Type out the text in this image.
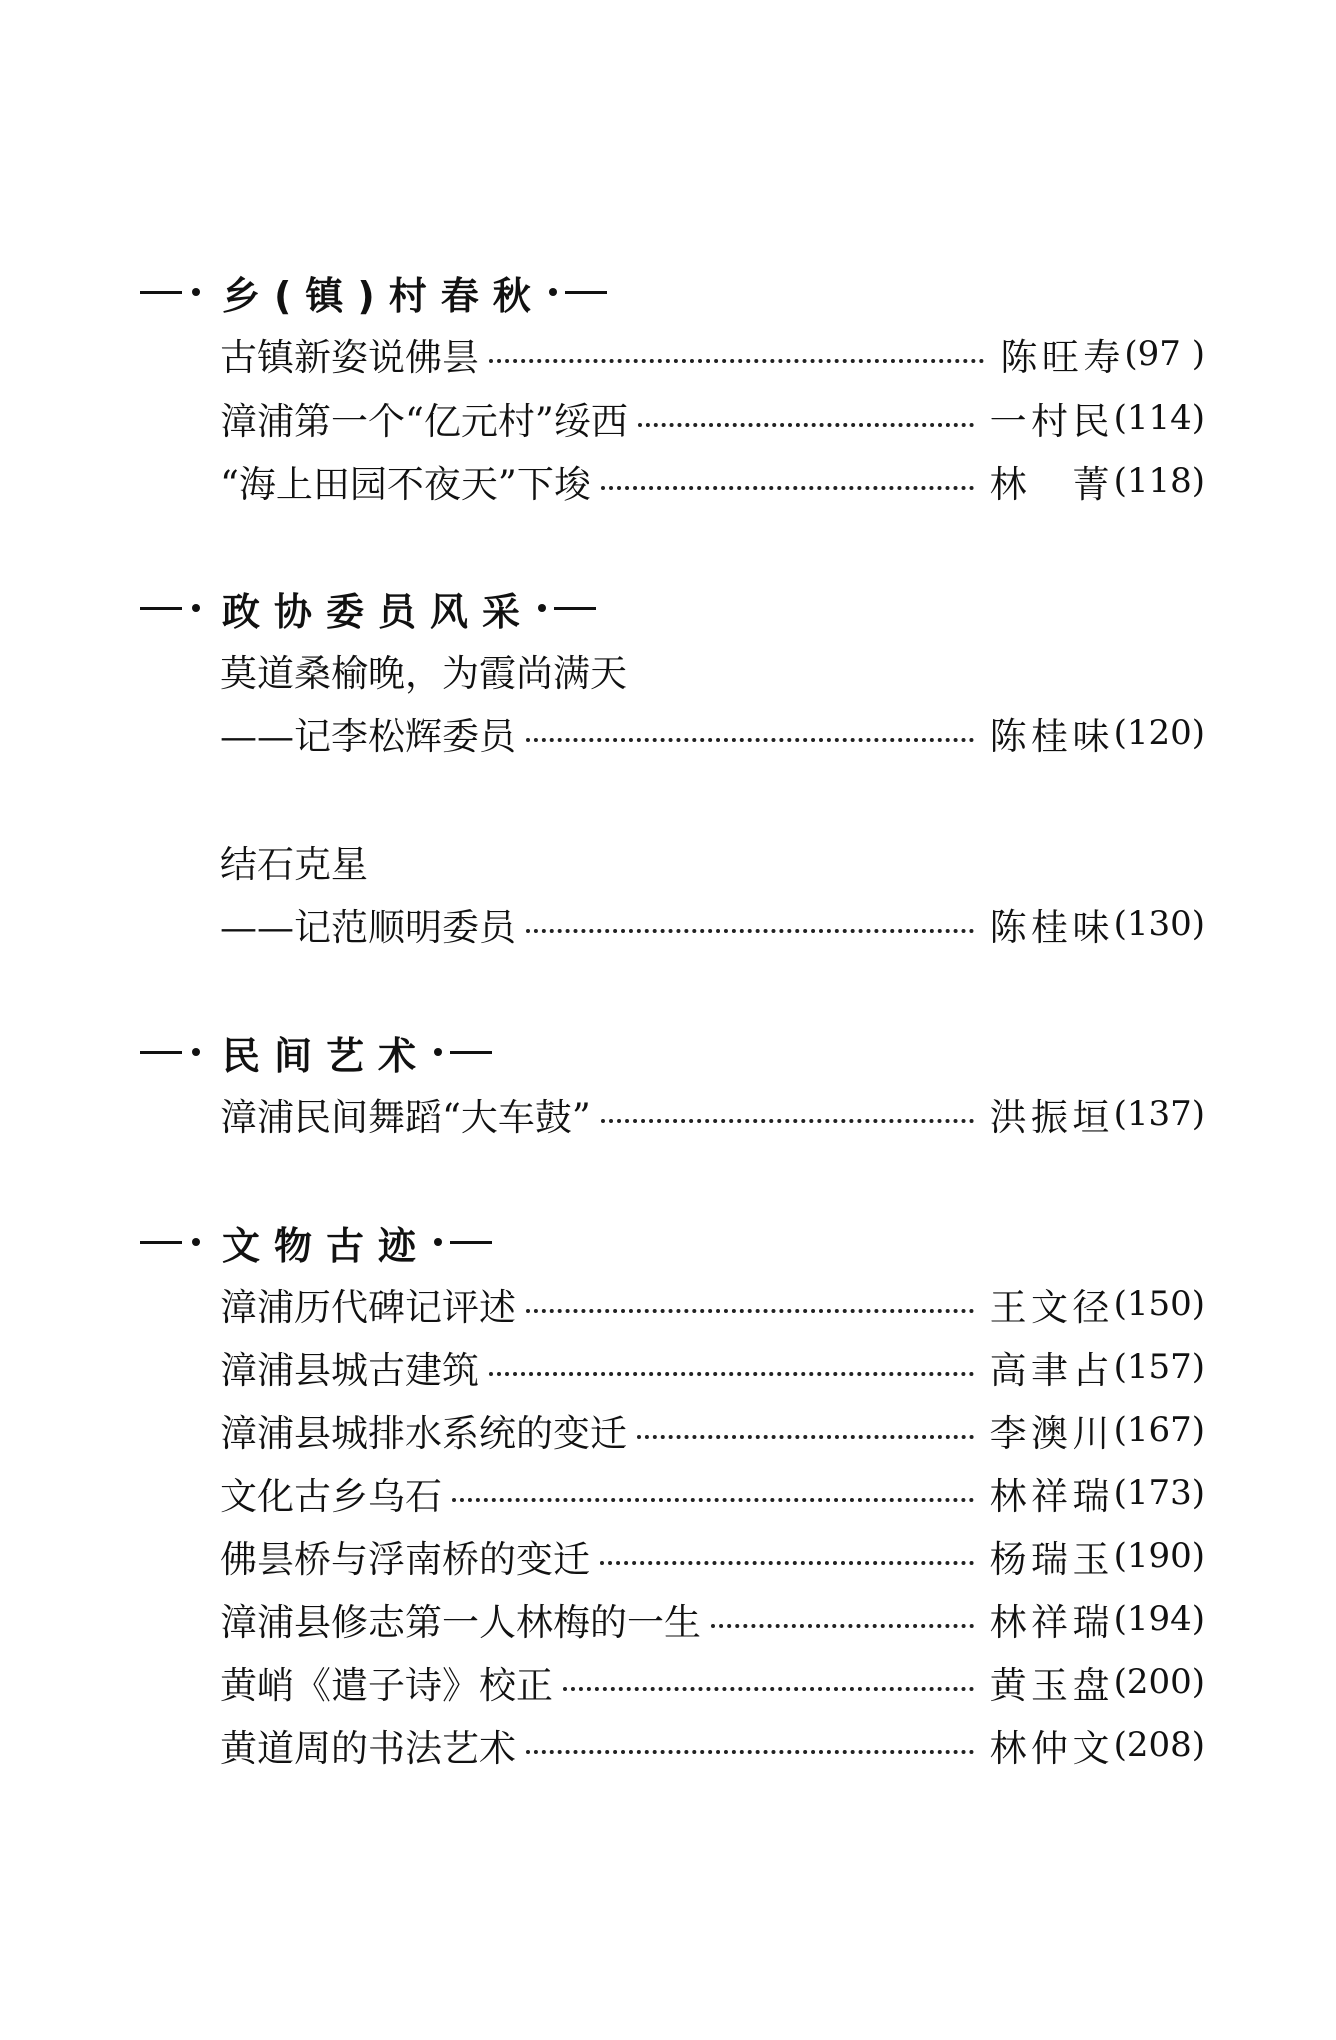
乡(镇)村春秋
古镇新姿说佛昙	陈旺寿 (97 )
漳浦第一个“亿元村”绥西	一村民 (114)
“海上田园不夜天”下埈	林　菁 (118)
政协委员风采
莫道桑榆晚，为霞尚满天
——记李松辉委员	陈桂味 (120)
结石克星
——记范顺明委员	陈桂味 (130)
民间艺术
漳浦民间舞蹈“大车鼓”	洪振垣 (137)
文物古迹
漳浦历代碑记评述	王文径 (150)
漳浦县城古建筑	高聿占 (157)
漳浦县城排水系统的变迁	李澳川 (167)
文化古乡乌石	林祥瑞 (173)
佛昙桥与浮南桥的变迁	杨瑞玉 (190)
漳浦县修志第一人林梅的一生	林祥瑞 (194)
黄峭《遣子诗》校正	黄玉盘 (200)
黄道周的书法艺术	林仲文 (208)
